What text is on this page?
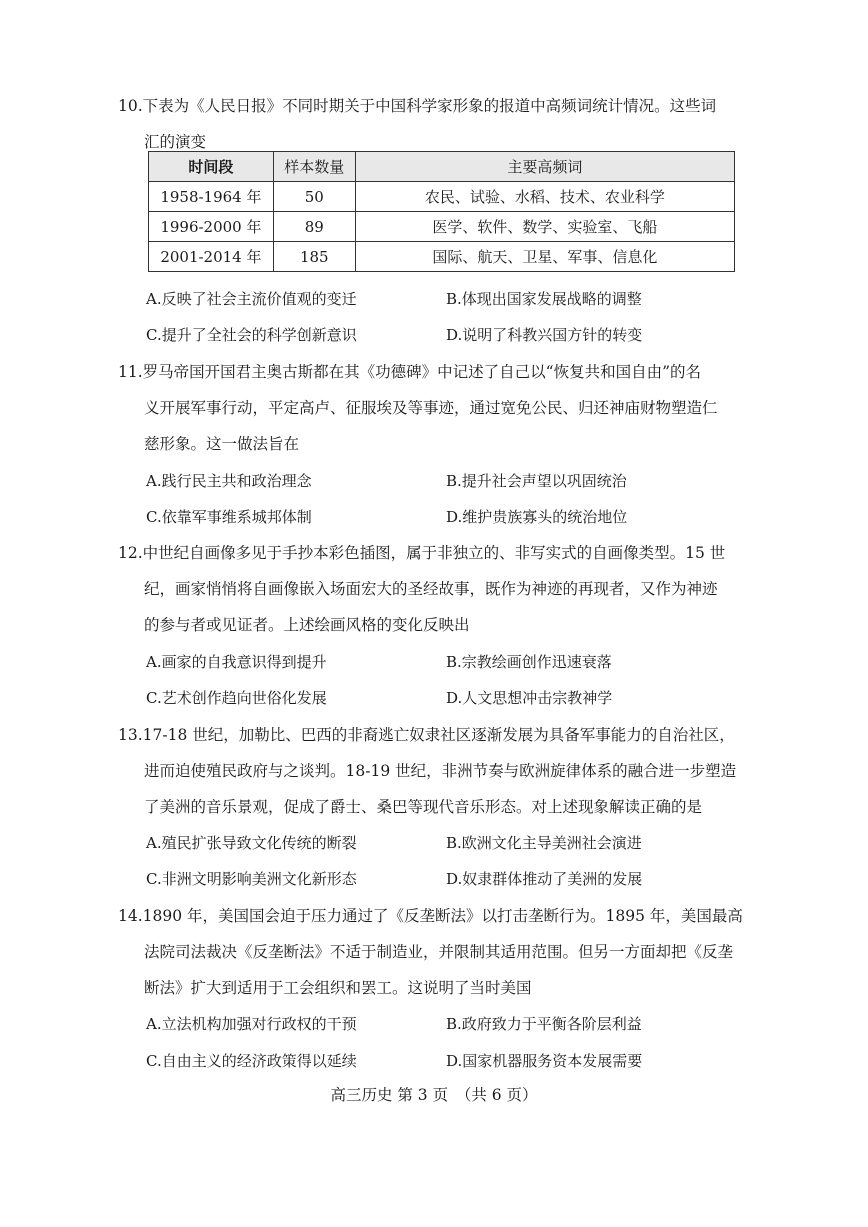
10.下表为《人民日报》不同时期关于中国科学家形象的报道中高频词统计情况。这些词
汇的演变
时间段	样本数量	主要高频词
1958-1964 年	50	农民、试验、水稻、技术、农业科学
1996-2000 年	89	医学、软件、数学、实验室、飞船
2001-2014 年	185	国际、航天、卫星、军事、信息化
A.反映了社会主流价值观的变迁	B.体现出国家发展战略的调整
C.提升了全社会的科学创新意识	D.说明了科教兴国方针的转变
11.罗马帝国开国君主奥古斯都在其《功德碑》中记述了自己以“恢复共和国自由”的名
义开展军事行动，平定高卢、征服埃及等事迹，通过宽免公民、归还神庙财物塑造仁
慈形象。这一做法旨在
A.践行民主共和政治理念	B.提升社会声望以巩固统治
C.依靠军事维系城邦体制	D.维护贵族寡头的统治地位
12.中世纪自画像多见于手抄本彩色插图，属于非独立的、非写实式的自画像类型。15 世
纪，画家悄悄将自画像嵌入场面宏大的圣经故事，既作为神迹的再现者，又作为神迹
的参与者或见证者。上述绘画风格的变化反映出
A.画家的自我意识得到提升	B.宗教绘画创作迅速衰落
C.艺术创作趋向世俗化发展	D.人文思想冲击宗教神学
13.17-18 世纪，加勒比、巴西的非裔逃亡奴隶社区逐渐发展为具备军事能力的自治社区，
进而迫使殖民政府与之谈判。18-19 世纪，非洲节奏与欧洲旋律体系的融合进一步塑造
了美洲的音乐景观，促成了爵士、桑巴等现代音乐形态。对上述现象解读正确的是
A.殖民扩张导致文化传统的断裂	B.欧洲文化主导美洲社会演进
C.非洲文明影响美洲文化新形态	D.奴隶群体推动了美洲的发展
14.1890 年，美国国会迫于压力通过了《反垄断法》以打击垄断行为。1895 年，美国最高
法院司法裁决《反垄断法》不适于制造业，并限制其适用范围。但另一方面却把《反垄
断法》扩大到适用于工会组织和罢工。这说明了当时美国
A.立法机构加强对行政权的干预	B.政府致力于平衡各阶层利益
C.自由主义的经济政策得以延续	D.国家机器服务资本发展需要
高三历史 第 3 页　（共 6 页）
